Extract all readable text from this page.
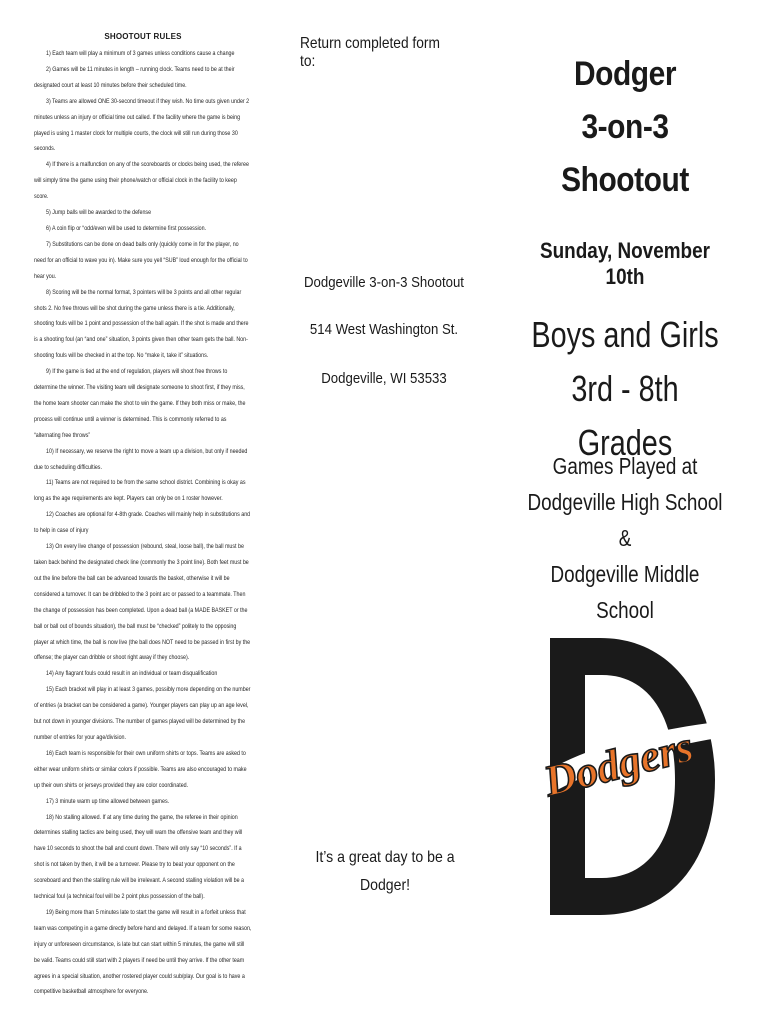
SHOOTOUT RULES

1) Each team will play a minimum of 3 games unless conditions cause a change

2) Games will be 11 minutes in length – running clock. Teams need to be at their designated court at least 10 minutes before their scheduled time.

3) Teams are allowed ONE 30-second timeout if they wish. No time outs given under 2 minutes unless an injury or official time out called. If the facility where the game is being played is using 1 master clock for multiple courts, the clock will still run during those 30 seconds.

4) If there is a malfunction on any of the scoreboards or clocks being used, the referee will simply time the game using their phone/watch or official clock in the facility to keep score.

5) Jump balls will be awarded to the defense

6) A coin flip or “odd/even will be used to determine first possession.

7) Substitutions can be done on dead balls only (quickly come in for the player, no need for an official to wave you in). Make sure you yell “SUB” loud enough for the official to hear you.

8) Scoring will be the normal format, 3 pointers will be 3 points and all other regular shots 2. No free throws will be shot during the game unless there is a tie. Additionally, shooting fouls will be 1 point and possession of the ball again. If the shot is made and there is a shooting foul (an “and one” situation, 3 points given then other team gets the ball. Non-shooting fouls will be checked in at the top. No “make it, take it” situations.

9) If the game is tied at the end of regulation, players will shoot free throws to determine the winner. The visiting team will designate someone to shoot first, if they miss, the home team shooter can make the shot to win the game. If they both miss or make, the process will continue until a winner is determined. This is commonly referred to as “alternating free throws”

10) If necessary, we reserve the right to move a team up a division, but only if needed due to scheduling difficulties.

11) Teams are not required to be from the same school district. Combining is okay as long as the age requirements are kept. Players can only be on 1 roster however.

12) Coaches are optional for 4-8th grade. Coaches will mainly help in substitutions and to help in case of injury

13) On every live change of possession (rebound, steal, loose ball), the ball must be taken back behind the designated check line (commonly the 3 point line). Both feet must be out the line before the ball can be advanced towards the basket, otherwise it will be considered a turnover. It can be dribbled to the 3 point arc or passed to a teammate. Then the change of possession has been completed. Upon a dead ball (a MADE BASKET or the ball or ball out of bounds situation), the ball must be “checked” politely to the opposing player at which time, the ball is now live (the ball does NOT need to be passed in first by the offense; the player can dribble or shoot right away if they choose).

14) Any flagrant fouls could result in an individual or team disqualification

15) Each bracket will play in at least 3 games, possibly more depending on the number of entries (a bracket can be considered a game). Younger players can play up an age level, but not down in younger divisions. The number of games played will be determined by the number of entries for your age/division.

16) Each team is responsible for their own uniform shirts or tops. Teams are asked to either wear uniform shirts or similar colors if possible. Teams are also encouraged to make up their own shirts or jerseys provided they are color coordinated.

17) 3 minute warm up time allowed between games.

18) No stalling allowed. If at any time during the game, the referee in their opinion determines stalling tactics are being used, they will warn the offensive team and they will have 10 seconds to shoot the ball and count down. There will only say “10 seconds”. If a shot is not taken by then, it will be a turnover. Please try to beat your opponent on the scoreboard and then the stalling rule will be irrelevant. A second stalling violation will be a technical foul (a technical foul will be 2 point plus possession of the ball).

19) Being more than 5 minutes late to start the game will result in a forfeit unless that team was competing in a game directly before hand and delayed. If a team for some reason, injury or unforeseen circumstance, is late but can start within 5 minutes, the game will still be valid. Teams could still start with 2 players if need be until they arrive. If the other team agrees in a special situation, another rostered player could sub/play. Our goal is to have a competitive basketball atmosphere for everyone.

Return completed form to:
Dodgeville 3-on-3 Shootout
514 West Washington St.
Dodgeville, WI 53533
It’s a great day to be a
Dodger!
Dodger
3-on-3
Shootout
Sunday, November 10th
Boys and Girls
3rd - 8th Grades
Games Played at
Dodgeville High School &
Dodgeville Middle School
Dodgers
